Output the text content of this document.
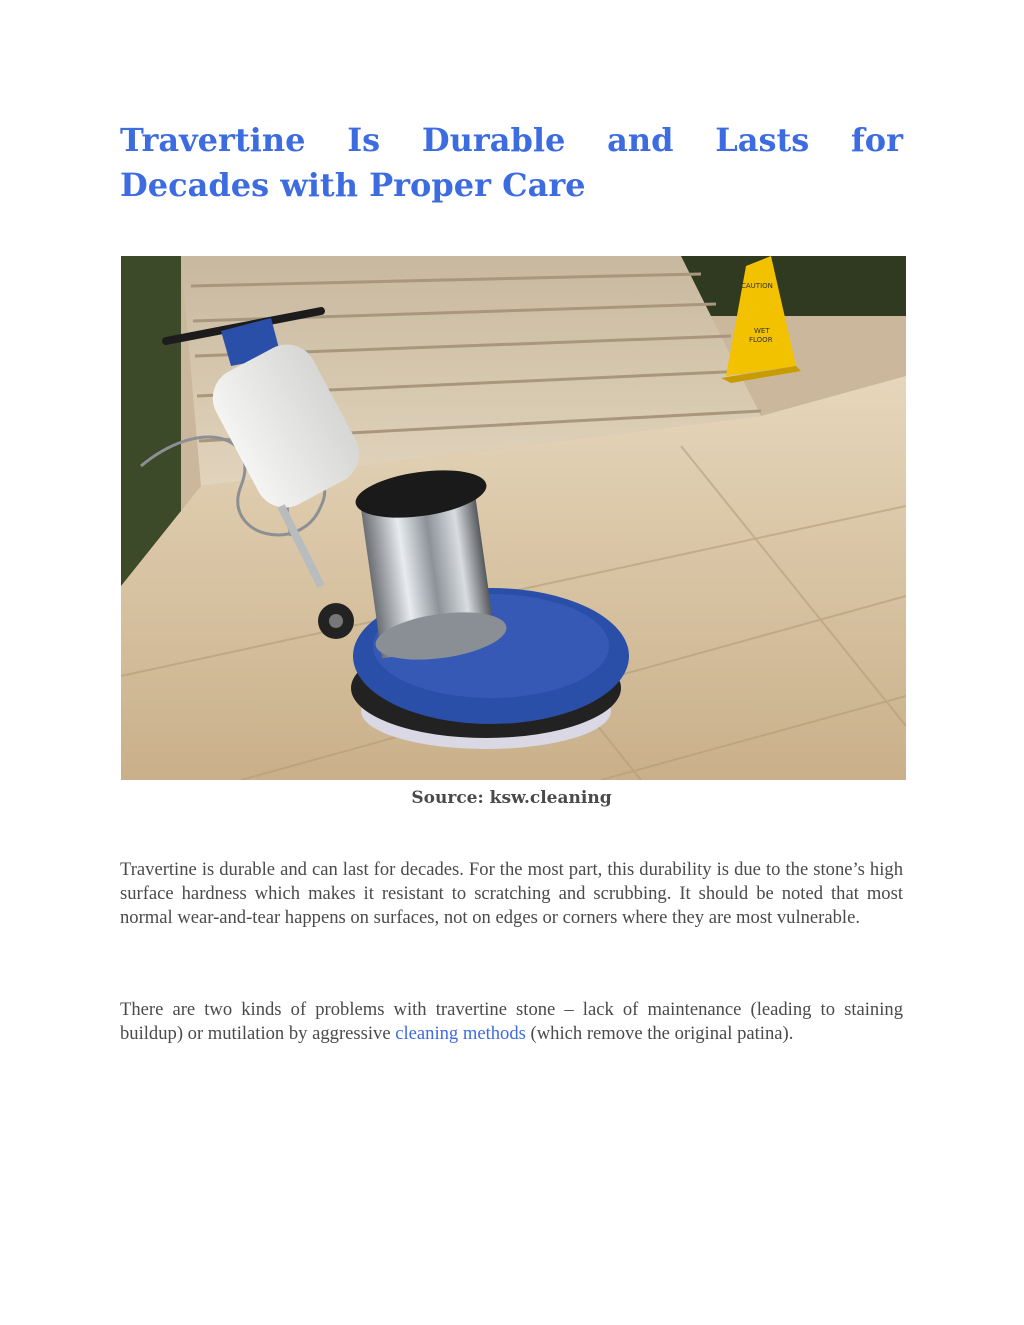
Travertine Is Durable and Lasts for
Decades with Proper Care
CAUTION
WET
FLOOR
Source: ksw.cleaning

Travertine is durable and can last for decades. For the most part, this durability is due to the stone’s high surface hardness which makes it resistant to scratching and scrubbing. It should be noted that most normal wear-and-tear happens on surfaces, not on edges or corners where they are most vulnerable.

There are two kinds of problems with travertine stone – lack of maintenance (leading to staining buildup) or mutilation by aggressive cleaning methods (which remove the original patina).
